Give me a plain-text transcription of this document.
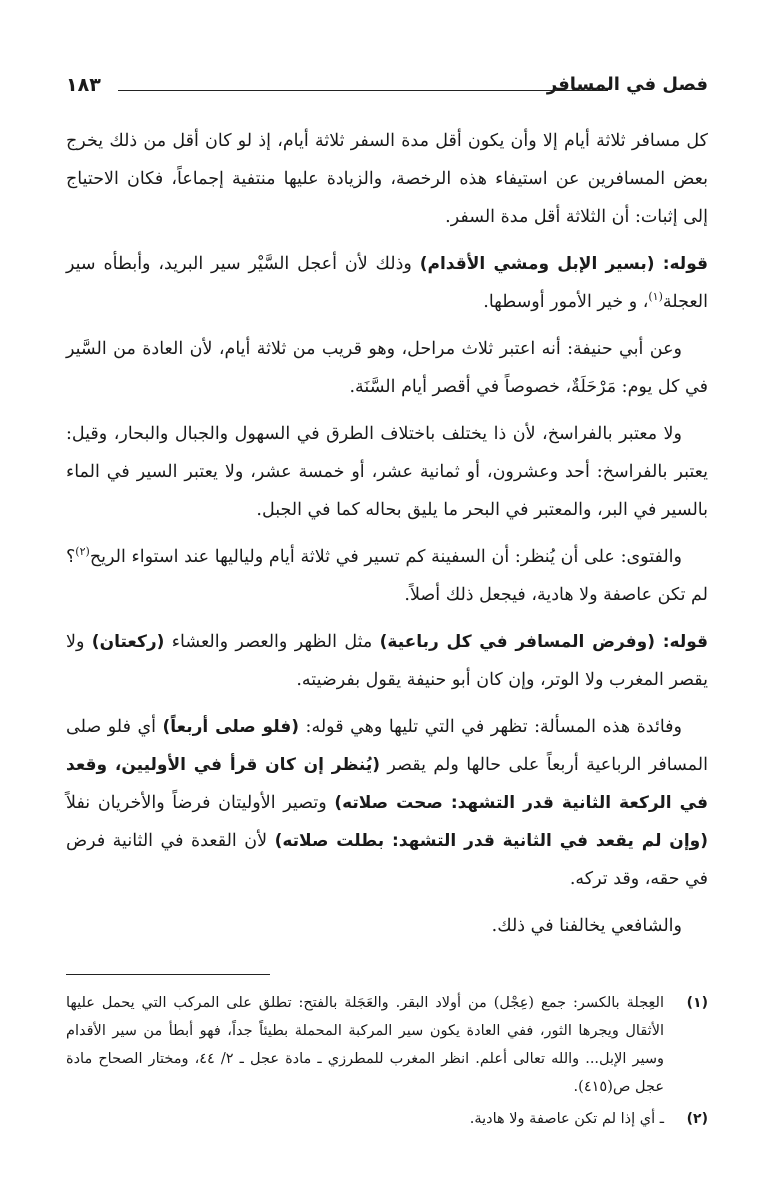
فصل في المسافر
١٨٣

كل مسافر ثلاثة أيام إلا وأن يكون أقل مدة السفر ثلاثة أيام، إذ لو كان أقل من ذلك يخرج بعض المسافرين عن استيفاء هذه الرخصة، والزيادة عليها منتفية إجماعاً، فكان الاحتياج إلى إثبات: أن الثلاثة أقل مدة السفر.

قوله: (بسير الإبل ومشي الأقدام) وذلك لأن أعجل السَّيْر سير البريد، وأبطأه سير العجلة$^{(١)}$، و خير الأمور أوسطها.

وعن أبي حنيفة: أنه اعتبر ثلاث مراحل، وهو قريب من ثلاثة أيام، لأن العادة من السَّير في كل يوم: مَرْحَلَةٌ، خصوصاً في أقصر أيام السَّنَة.

ولا معتبر بالفراسخ، لأن ذا يختلف باختلاف الطرق في السهول والجبال والبحار، وقيل: يعتبر بالفراسخ: أحد وعشرون، أو ثمانية عشر، أو خمسة عشر، ولا يعتبر السير في الماء بالسير في البر، والمعتبر في البحر ما يليق بحاله كما في الجبل.

والفتوى: على أن يُنظر: أن السفينة كم تسير في ثلاثة أيام ولياليها عند استواء الريح$^{(٢)}$؟ لم تكن عاصفة ولا هادية، فيجعل ذلك أصلاً.

قوله: (وفرض المسافر في كل رباعية) مثل الظهر والعصر والعشاء (ركعتان) ولا يقصر المغرب ولا الوتر، وإن كان أبو حنيفة يقول بفرضيته.

وفائدة هذه المسألة: تظهر في التي تليها وهي قوله: (فلو صلى أربعاً) أي فلو صلى المسافر الرباعية أربعاً على حالها ولم يقصر (يُنظر إن كان قرأ في الأوليين، وقعد في الركعة الثانية قدر التشهد: صحت صلاته) وتصير الأوليتان فرضاً والأخريان نفلاً (وإن لم يقعد في الثانية قدر التشهد: بطلت صلاته) لأن القعدة في الثانية فرض في حقه، وقد تركه.

والشافعي يخالفنا في ذلك.

(١)
العِجلة بالكسر: جمع (عِجْل) من أولاد البقر. والعَجَلة بالفتح: تطلق على المركب التي يحمل عليها الأثقال ويجرها الثور، ففي العادة يكون سير المركبة المحملة بطيئاً جداً، فهو أبطأ من سير الأقدام وسير الإبل... والله تعالى أعلم. انظر المغرب للمطرزي ـ مادة عجل ـ ٢/ ٤٤، ومختار الصحاح مادة عجل ص(٤١٥).
(٢)
ـ أي إذا لم تكن عاصفة ولا هادية.
